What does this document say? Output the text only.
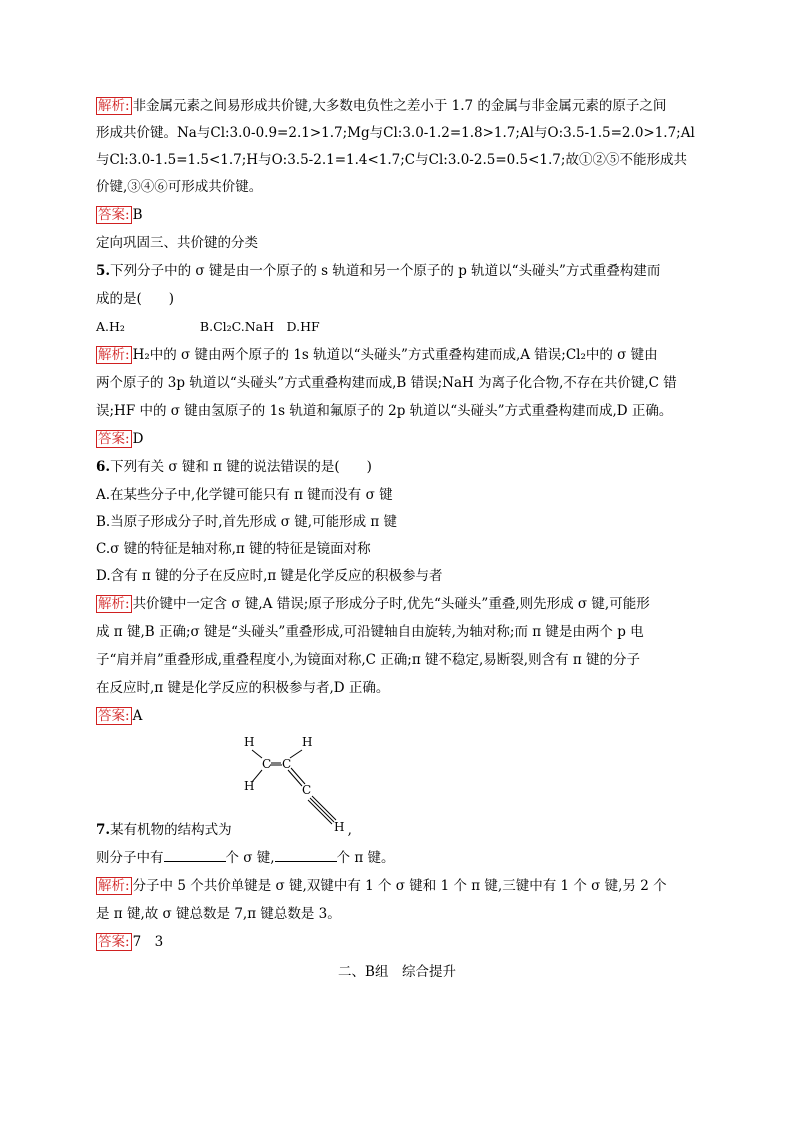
解析: 非金属元素之间易形成共价键,大多数电负性之差小于 1.7 的金属与非金属元素的原子之间
形成共价键。Na与Cl:3.0-0.9=2.1>1.7;Mg与Cl:3.0-1.2=1.8>1.7;Al与O:3.5-1.5=2.0>1.7;Al
与Cl:3.0-1.5=1.5<1.7;H与O:3.5-2.1=1.4<1.7;C与Cl:3.0-2.5=0.5<1.7;故①②⑤不能形成共
价键,③④⑥可形成共价键。
答案: B
定向巩固三、共价键的分类
5.下列分子中的 σ 键是由一个原子的 s 轨道和另一个原子的 p 轨道以“头碰头”方式重叠构建而
成的是(　　)
A.H₂　　　　　　B.Cl₂C.NaH　D.HF
解析: H₂中的 σ 键由两个原子的 1s 轨道以“头碰头”方式重叠构建而成,A 错误;Cl₂中的 σ 键由
两个原子的 3p 轨道以“头碰头”方式重叠构建而成,B 错误;NaH 为离子化合物,不存在共价键,C 错
误;HF 中的 σ 键由氢原子的 1s 轨道和氟原子的 2p 轨道以“头碰头”方式重叠构建而成,D 正确。
答案: D
6.下列有关 σ 键和 π 键的说法错误的是(　　)
A.在某些分子中,化学键可能只有 π 键而没有 σ 键
B.当原子形成分子时,首先形成 σ 键,可能形成 π 键
C.σ 键的特征是轴对称,π 键的特征是镜面对称
D.含有 π 键的分子在反应时,π 键是化学反应的积极参与者
解析: 共价键中一定含 σ 键,A 错误;原子形成分子时,优先“头碰头”重叠,则先形成 σ 键,可能形
成 π 键,B 正确;σ 键是“头碰头”重叠形成,可沿键轴自由旋转,为轴对称;而 π 键是由两个 p 电
子“肩并肩”重叠形成,重叠程度小,为镜面对称,C 正确;π 键不稳定,易断裂,则含有 π 键的分子
在反应时,π 键是化学反应的积极参与者,D 正确。
答案: A
H	H
C C
H	C
H
7.某有机物的结构式为	,
则分子中有	个 σ 键,	个 π 键。
解析: 分子中 5 个共价单键是 σ 键,双键中有 1 个 σ 键和 1 个 π 键,三键中有 1 个 σ 键,另 2 个
是 π 键,故 σ 键总数是 7,π 键总数是 3。
答案: 7　3
二、B组　综合提升
